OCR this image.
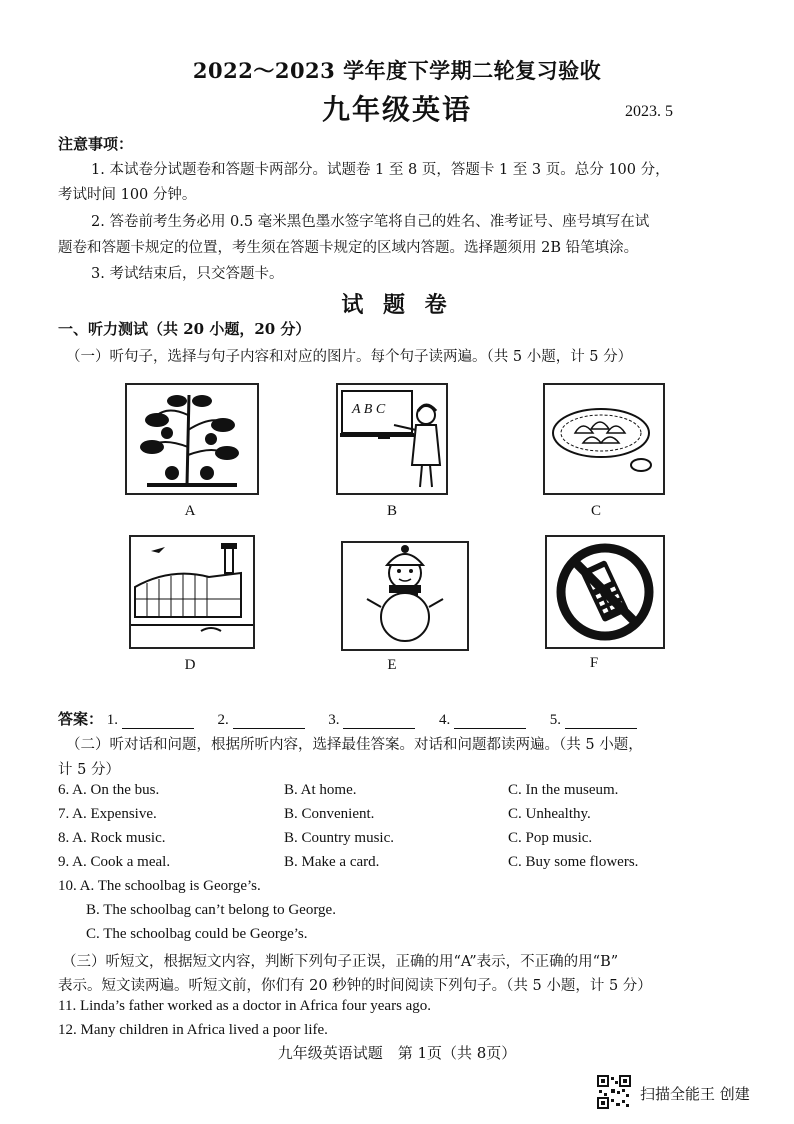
2022～2023 学年度下学期二轮复习验收
九年级英语	2023. 5
注意事项：
1. 本试卷分试题卷和答题卡两部分。试题卷 1 至 8 页，答题卡 1 至 3 页。总分 100 分，
考试时间 100 分钟。
2. 答卷前考生务必用 0.5 毫米黑色墨水签字笔将自己的姓名、准考证号、座号填写在试
题卷和答题卡规定的位置，考生须在答题卡规定的区域内答题。选择题须用 2B 铅笔填涂。
3. 考试结束后，只交答题卡。
试 题 卷
一、听力测试（共 20 小题，20 分）
（一）听句子，选择与句子内容和对应的图片。每个句子读两遍。（共 5 小题，计 5 分）
A B C
A	B	C
D	E	F
答案： 1.	2.	3.	4.	5.
（二）听对话和问题，根据所听内容，选择最佳答案。对话和问题都读两遍。（共 5 小题，
计 5 分）
6. A. On the bus.	B. At home.	C. In the museum.
7. A. Expensive.	B. Convenient.	C. Unhealthy.
8. A. Rock music.	B. Country music.	C. Pop music.
9. A. Cook a meal.	B. Make a card.	C. Buy some flowers.
10. A. The schoolbag is George’s.
B. The schoolbag can’t belong to George.
C. The schoolbag could be George’s.
（三）听短文，根据短文内容，判断下列句子正误，正确的用“A”表示，不正确的用“B”
表示。短文读两遍。听短文前，你们有 20 秒钟的时间阅读下列句子。（共 5 小题，计 5 分）
11. Linda’s father worked as a doctor in Africa four years ago.
12. Many children in Africa lived a poor life.
九年级英语试题　第 1页（共 8页）
扫描全能王 创建
